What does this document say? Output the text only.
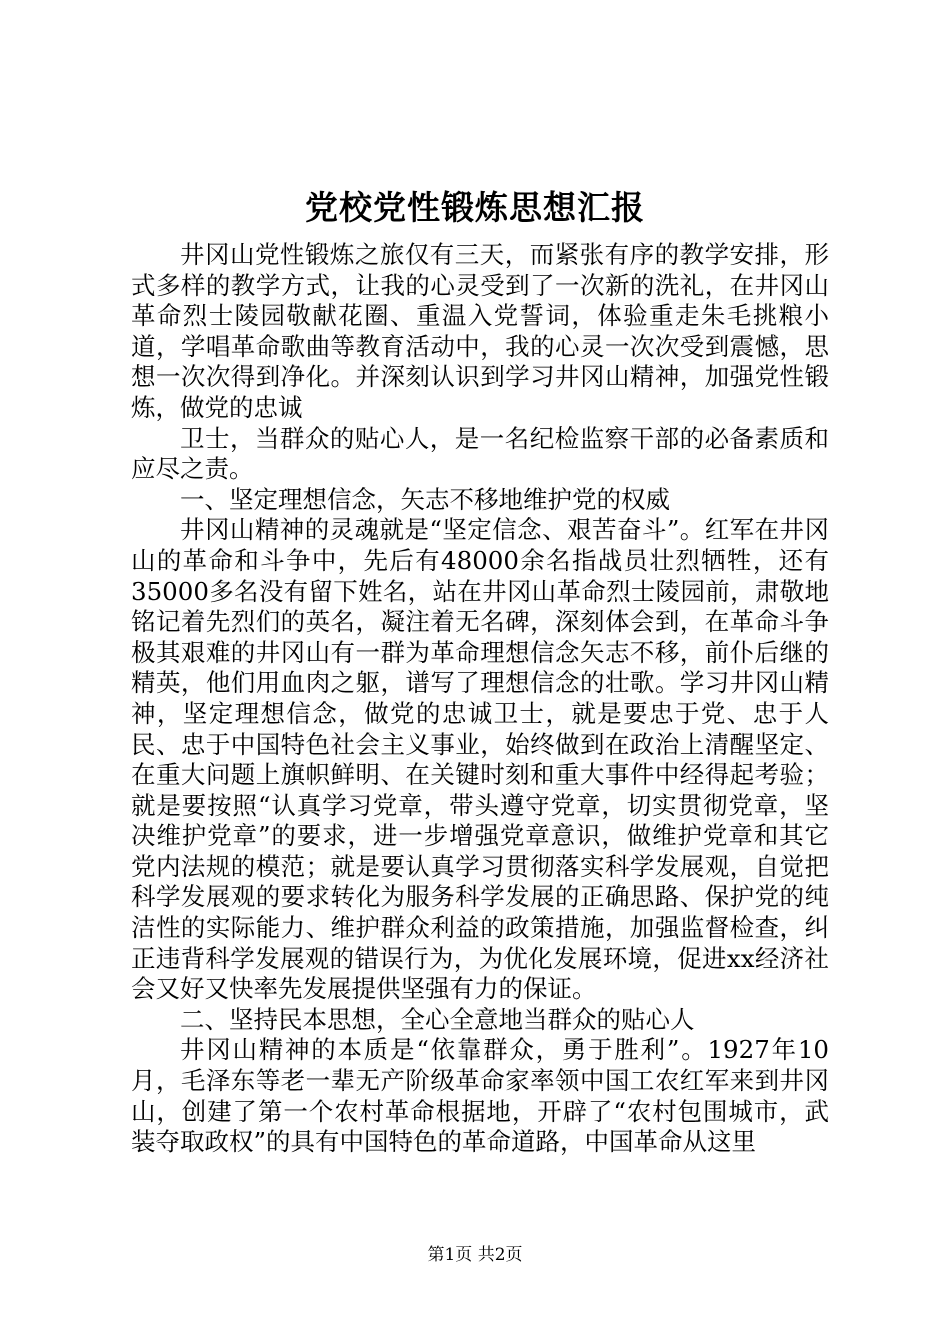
党校党性锻炼思想汇报

井冈山党性锻炼之旅仅有三天，而紧张有序的教学安排，形式多样的教学方式，让我的心灵受到了一次新的洗礼，在井冈山革命烈士陵园敬献花圈、重温入党誓词，体验重走朱毛挑粮小道，学唱革命歌曲等教育活动中，我的心灵一次次受到震憾，思想一次次得到净化。并深刻认识到学习井冈山精神，加强党性锻炼，做党的忠诚

卫士，当群众的贴心人，是一名纪检监察干部的必备素质和应尽之责。

一、坚定理想信念，矢志不移地维护党的权威

井冈山精神的灵魂就是“坚定信念、艰苦奋斗”。红军在井冈山的革命和斗争中，先后有48000余名指战员壮烈牺牲，还有35000多名没有留下姓名，站在井冈山革命烈士陵园前，肃敬地铭记着先烈们的英名，凝注着无名碑，深刻体会到，在革命斗争极其艰难的井冈山有一群为革命理想信念矢志不移，前仆后继的精英，他们用血肉之躯，谱写了理想信念的壮歌。学习井冈山精神，坚定理想信念，做党的忠诚卫士，就是要忠于党、忠于人民、忠于中国特色社会主义事业，始终做到在政治上清醒坚定、在重大问题上旗帜鲜明、在关键时刻和重大事件中经得起考验；就是要按照“认真学习党章，带头遵守党章，切实贯彻党章，坚决维护党章”的要求，进一步增强党章意识，做维护党章和其它党内法规的模范；就是要认真学习贯彻落实科学发展观，自觉把科学发展观的要求转化为服务科学发展的正确思路、保护党的纯洁性的实际能力、维护群众利益的政策措施，加强监督检查，纠正违背科学发展观的错误行为，为优化发展环境，促进xx经济社会又好又快率先发展提供坚强有力的保证。

二、坚持民本思想，全心全意地当群众的贴心人

井冈山精神的本质是“依靠群众，勇于胜利”。1927年10月，毛泽东等老一辈无产阶级革命家率领中国工农红军来到井冈山，创建了第一个农村革命根据地，开辟了“农村包围城市，武装夺取政权”的具有中国特色的革命道路，中国革命从这里

第1页 共2页
